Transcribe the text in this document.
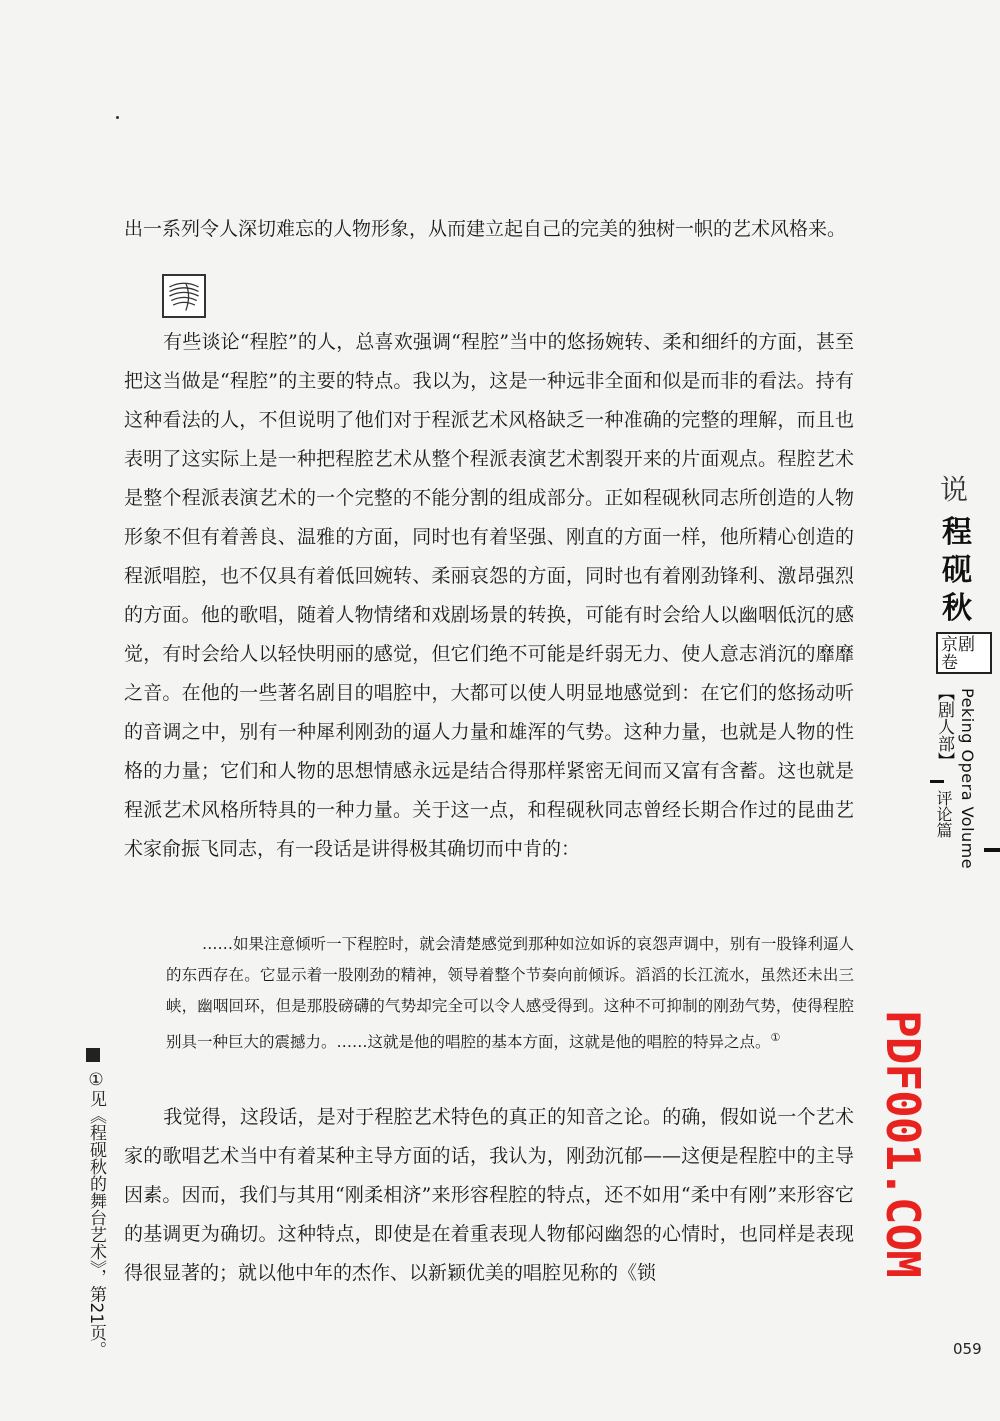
出一系列令人深切难忘的人物形象，从而建立起自己的完美的独树一帜的艺术风格来。

有些谈论“程腔”的人，总喜欢强调“程腔”当中的悠扬婉转、柔和细纤的方面，甚至把这当做是“程腔”的主要的特点。我以为，这是一种远非全面和似是而非的看法。持有这种看法的人，不但说明了他们对于程派艺术风格缺乏一种准确的完整的理解，而且也表明了这实际上是一种把程腔艺术从整个程派表演艺术割裂开来的片面观点。程腔艺术是整个程派表演艺术的一个完整的不能分割的组成部分。正如程砚秋同志所创造的人物形象不但有着善良、温雅的方面，同时也有着坚强、刚直的方面一样，他所精心创造的程派唱腔，也不仅具有着低回婉转、柔丽哀怨的方面，同时也有着刚劲锋利、激昂强烈的方面。他的歌唱，随着人物情绪和戏剧场景的转换，可能有时会给人以幽咽低沉的感觉，有时会给人以轻快明丽的感觉，但它们绝不可能是纤弱无力、使人意志消沉的靡靡之音。在他的一些著名剧目的唱腔中，大都可以使人明显地感觉到：在它们的悠扬动听的音调之中，别有一种犀利刚劲的逼人力量和雄浑的气势。这种力量，也就是人物的性格的力量；它们和人物的思想情感永远是结合得那样紧密无间而又富有含蓄。这也就是程派艺术风格所特具的一种力量。关于这一点，和程砚秋同志曾经长期合作过的昆曲艺术家俞振飞同志，有一段话是讲得极其确切而中肯的：

……如果注意倾听一下程腔时，就会清楚感觉到那种如泣如诉的哀怨声调中，别有一股锋利逼人的东西存在。它显示着一股刚劲的精神，领导着整个节奏向前倾诉。滔滔的长江流水，虽然还未出三峡，幽咽回环，但是那股磅礴的气势却完全可以令人感受得到。这种不可抑制的刚劲气势，使得程腔别具一种巨大的震撼力。……这就是他的唱腔的基本方面，这就是他的唱腔的特异之点。①

我觉得，这段话，是对于程腔艺术特色的真正的知音之论。的确，假如说一个艺术家的歌唱艺术当中有着某种主导方面的话，我认为，刚劲沉郁——这便是程腔中的主导因素。因而，我们与其用“刚柔相济”来形容程腔的特点，还不如用“柔中有刚”来形容它的基调更为确切。这种特点，即使是在着重表现人物郁闷幽怨的心情时，也同样是表现得很显著的；就以他中年的杰作、以新颖优美的唱腔见称的《锁

说
程砚秋
京剧
卷
【剧人部】
评论篇 Peking Opera Volume
①见《程砚秋的舞台艺术》，第21页。	PDF001.COM
059
